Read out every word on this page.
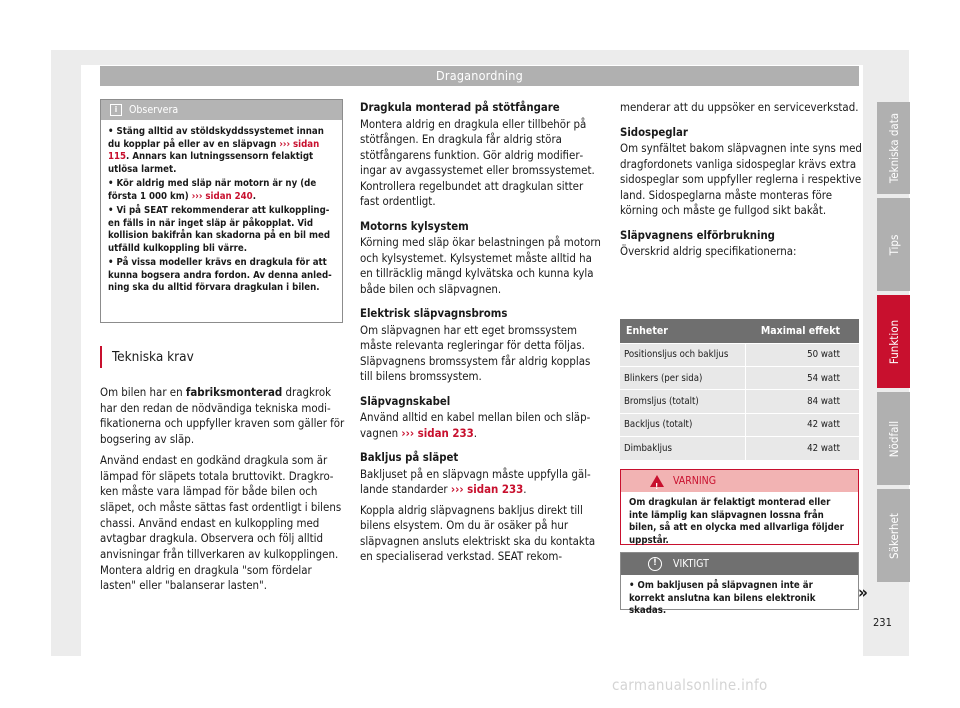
Draganordning
Tekniska data
Tips
Funktion
Nödfall
Säkerhet
i	Observera
• Stäng alltid av stöldskyddssystemet innan du kopplar på eller av en släpvagn ››› sidan 115. Annars kan lutningssensorn felaktigt utlösa larmet.
• Kör aldrig med släp när motorn är ny (de första 1 000 km) ››› sidan 240.
• Vi på SEAT rekommenderar att kulkopplingen fälls in när inget släp är påkopplat. Vid kollision bakifrån kan skadorna på en bil med utfälld kulkoppling bli värre.
• På vissa modeller krävs en dragkula för att kunna bogsera andra fordon. Av denna anledning ska du alltid förvara dragkulan i bilen.
Tekniska krav

Om bilen har en fabriksmonterad dragkrok har den redan de nödvändiga tekniska modifikationerna och uppfyller kraven som gäller för bogsering av släp.

Använd endast en godkänd dragkula som är lämpad för släpets totala bruttovikt. Dragkroken måste vara lämpad för både bilen och släpet, och måste sättas fast ordentligt i bilens chassi. Använd endast en kulkoppling med avtagbar dragkula. Observera och följ alltid anvisningar från tillverkaren av kulkopplingen. Montera aldrig en dragkula "som fördelar lasten" eller "balanserar lasten".

Dragkula monterad på stötfångare
Montera aldrig en dragkula eller tillbehör på stötfången. En dragkula får aldrig störa stötfångarens funktion. Gör aldrig modifieringar av avgassystemet eller bromssystemet. Kontrollera regelbundet att dragkulan sitter fast ordentligt.
Motorns kylsystem
Körning med släp ökar belastningen på motorn och kylsystemet. Kylsystemet måste alltid ha en tillräcklig mängd kylvätska och kunna kyla både bilen och släpvagnen.
Elektrisk släpvagnsbroms
Om släpvagnen har ett eget bromssystem måste relevanta regleringar för detta följas. Släpvagnens bromssystem får aldrig kopplas till bilens bromssystem.
Släpvagnskabel
Använd alltid en kabel mellan bilen och släpvagnen ››› sidan 233.
Bakljus på släpet
Bakljuset på en släpvagn måste uppfylla gällande standarder ››› sidan 233.
Koppla aldrig släpvagnens bakljus direkt till bilens elsystem. Om du är osäker på hur släpvagnen ansluts elektriskt ska du kontakta en specialiserad verkstad. SEAT rekom-
menderar att du uppsöker en serviceverkstad.
Sidospeglar
Om synfältet bakom släpvagnen inte syns med dragfordonets vanliga sidospeglar krävs extra sidospeglar som uppfyller reglerna i respektive land. Sidospeglarna måste monteras före körning och måste ge fullgod sikt bakåt.
Släpvagnens elförbrukning
Överskrid aldrig specifikationerna:
Enheter	Maximal effekt
Positionsljus och bakljus	50 watt
Blinkers (per sida)	54 watt
Bromsljus (totalt)	84 watt
Backljus (totalt)	42 watt
Dimbakljus	42 watt
!
VARNING
Om dragkulan är felaktigt monterad eller inte lämplig kan släpvagnen lossna från bilen, så att en olycka med allvarliga följder uppstår.
!	VIKTIGT
• Om bakljusen på släpvagnen inte är korrekt anslutna kan bilens elektronik skadas.
»
231
carmanualsonline.info
